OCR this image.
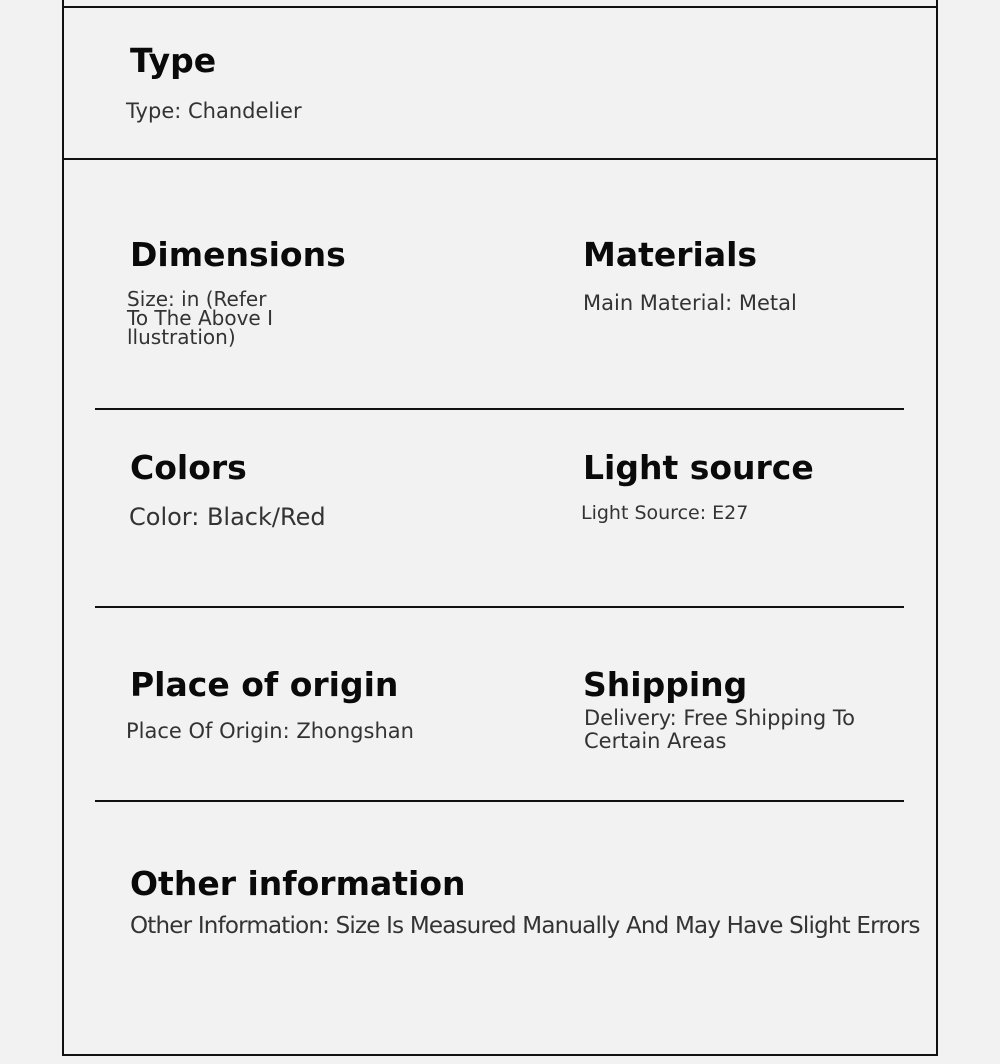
Type

Type: Chandelier

Dimensions

Size: in (Refer To The Above I llustration)

Materials

Main Material: Metal

Colors

Color: Black/Red

Light source

Light Source: E27

Place of origin

Place Of Origin: Zhongshan

Shipping

Delivery: Free Shipping To Certain Areas

Other information

Other Information: Size Is Measured Manually And May Have Slight Errors
